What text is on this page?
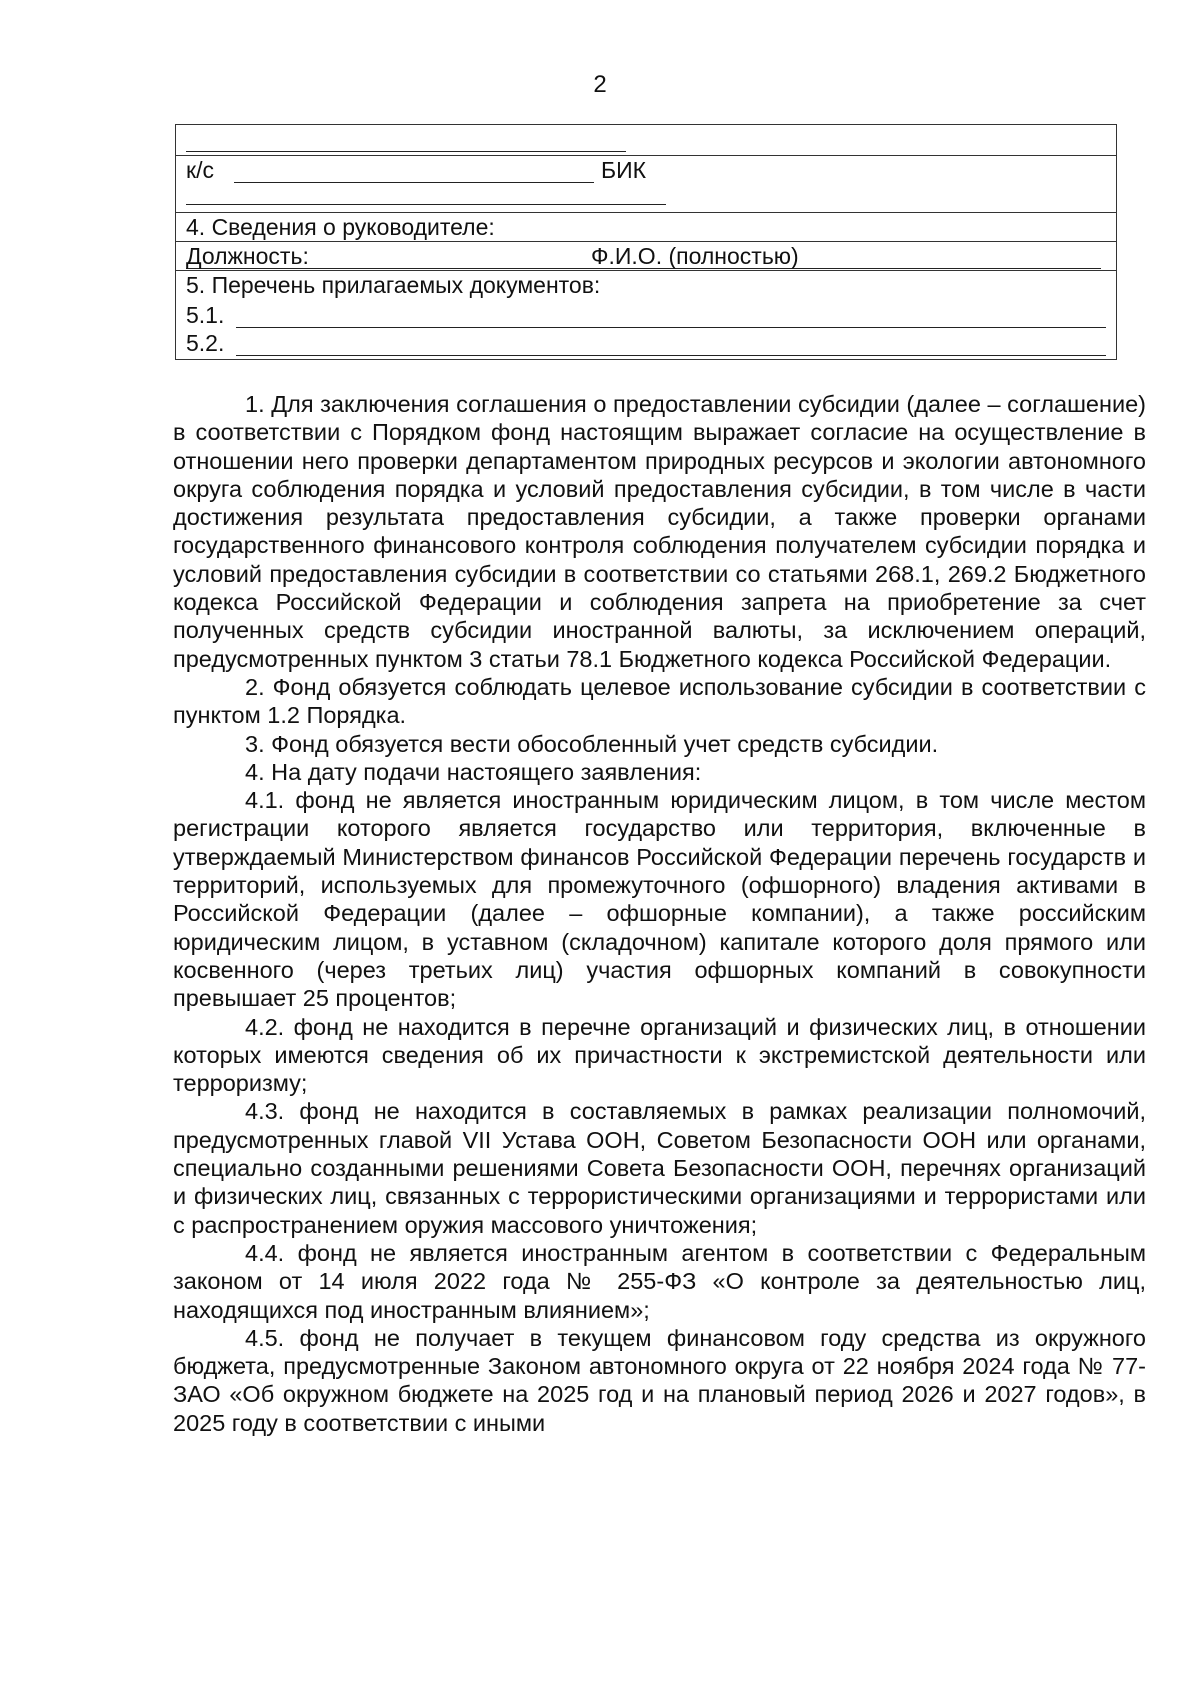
2
к/с	БИК
4. Сведения о руководителе:
Должность:	Ф.И.О. (полностью)
5. Перечень прилагаемых документов:
5.1.
5.2.

1. Для заключения соглашения о предоставлении субсидии (далее – соглашение) в соответствии с Порядком фонд настоящим выражает согласие на осуществление в отношении него проверки департаментом природных ресурсов и экологии автономного округа соблюдения порядка и условий предоставления субсидии, в том числе в части достижения результата предоставления субсидии, а также проверки органами государственного финансового контроля соблюдения получателем субсидии порядка и условий предоставления субсидии в соответствии со статьями 268.1, 269.2 Бюджетного кодекса Российской Федерации и соблюдения запрета на приобретение за счет полученных средств субсидии иностранной валюты, за исключением операций, предусмотренных пунктом 3 статьи 78.1 Бюджетного кодекса Российской Федерации.

2. Фонд обязуется соблюдать целевое использование субсидии в соответствии с пунктом 1.2 Порядка.

3. Фонд обязуется вести обособленный учет средств субсидии.

4. На дату подачи настоящего заявления:

4.1. фонд не является иностранным юридическим лицом, в том числе местом регистрации которого является государство или территория, включенные в утверждаемый Министерством финансов Российской Федерации перечень государств и территорий, используемых для промежуточного (офшорного) владения активами в Российской Федерации (далее – офшорные компании), а также российским юридическим лицом, в уставном (складочном) капитале которого доля прямого или косвенного (через третьих лиц) участия офшорных компаний в совокупности превышает 25 процентов;

4.2. фонд не находится в перечне организаций и физических лиц, в отношении которых имеются сведения об их причастности к экстремистской деятельности или терроризму;

4.3. фонд не находится в составляемых в рамках реализации полномочий, предусмотренных главой VII Устава ООН, Советом Безопасности ООН или органами, специально созданными решениями Совета Безопасности ООН, перечнях организаций и физических лиц, связанных с террористическими организациями и террористами или с распространением оружия массового уничтожения;

4.4. фонд не является иностранным агентом в соответствии с Федеральным законом от 14 июля 2022 года № 255-ФЗ «О контроле за деятельностью лиц, находящихся под иностранным влиянием»;

4.5. фонд не получает в текущем финансовом году средства из окружного бюджета, предусмотренные Законом автономного округа от 22 ноября 2024 года № 77-ЗАО «Об окружном бюджете на 2025 год и на плановый период 2026 и 2027 годов», в 2025 году в соответствии с иными
